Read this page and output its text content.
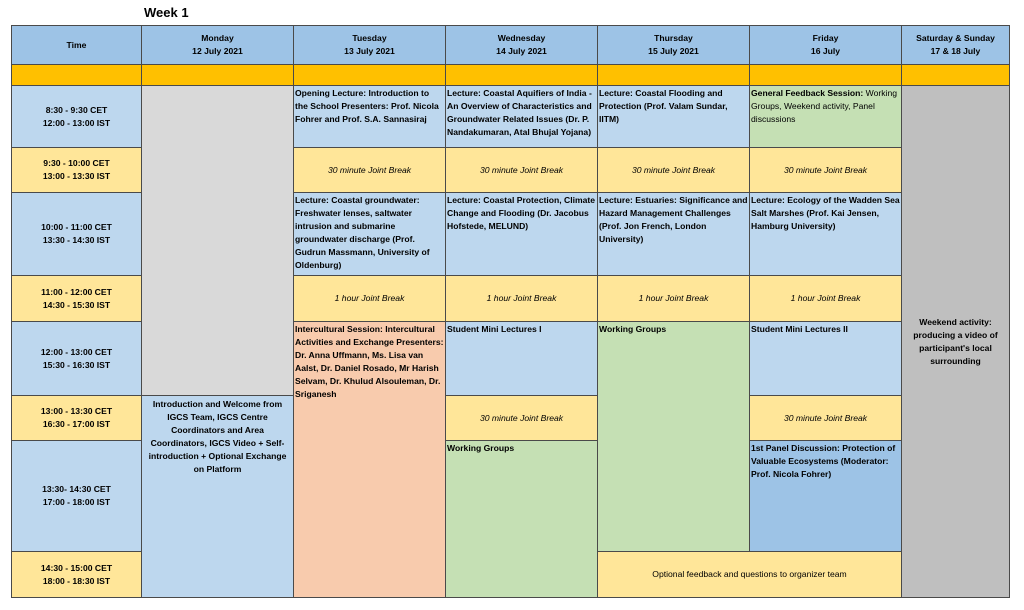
Week 1
Time
Monday
12 July 2021
Tuesday
13 July 2021
Wednesday
14 July 2021
Thursday
15 July 2021
Friday
16 July
Saturday & Sunday
17 & 18 July
8:30 - 9:30 CET
12:00 - 13:00 IST
9:30 - 10:00 CET
13:00 - 13:30 IST
10:00 - 11:00 CET
13:30 - 14:30 IST
11:00 - 12:00 CET
14:30 - 15:30 IST
12:00 - 13:00 CET
15:30 - 16:30 IST
13:00 - 13:30 CET
16:30 - 17:00 IST
13:30- 14:30 CET
17:00 - 18:00 IST
14:30 - 15:00 CET
18:00 - 18:30 IST
Introduction and Welcome from IGCS Team, IGCS Centre Coordinators and Area Coordinators, IGCS Video + Self-introduction + Optional Exchange on Platform
Opening Lecture: Introduction to the School Presenters: Prof. Nicola Fohrer and Prof. S.A. Sannasiraj
30 minute Joint Break
Lecture: Coastal groundwater: Freshwater lenses, saltwater intrusion and submarine groundwater discharge (Prof. Gudrun Massmann, University of Oldenburg)
1 hour Joint Break
Intercultural Session: Intercultural Activities and Exchange Presenters: Dr. Anna Uffmann, Ms. Lisa van Aalst, Dr. Daniel Rosado, Mr Harish Selvam, Dr. Khulud Alsouleman, Dr. Sriganesh
Lecture: Coastal Aquifiers of India - An Overview of Characteristics and Groundwater Related Issues (Dr. P. Nandakumaran, Atal Bhujal Yojana)
30 minute Joint Break
Lecture: Coastal Protection, Climate Change and Flooding (Dr. Jacobus Hofstede, MELUND)
1 hour Joint Break
Student Mini Lectures I
30 minute Joint Break
Working Groups
Lecture: Coastal Flooding and Protection (Prof. Valam Sundar, IITM)
30 minute Joint Break
Lecture: Estuaries: Significance and Hazard Management Challenges (Prof. Jon French, London University)
1 hour Joint Break
Working Groups
General Feedback Session: Working Groups, Weekend activity, Panel discussions
30 minute Joint Break
Lecture: Ecology of the Wadden Sea Salt Marshes (Prof. Kai Jensen, Hamburg University)
1 hour Joint Break
Student Mini Lectures II
30 minute Joint Break
1st Panel Discussion: Protection of Valuable Ecosystems (Moderator: Prof. Nicola Fohrer)
Optional feedback and questions to organizer team
Weekend activity: producing a video of participant's local surrounding
